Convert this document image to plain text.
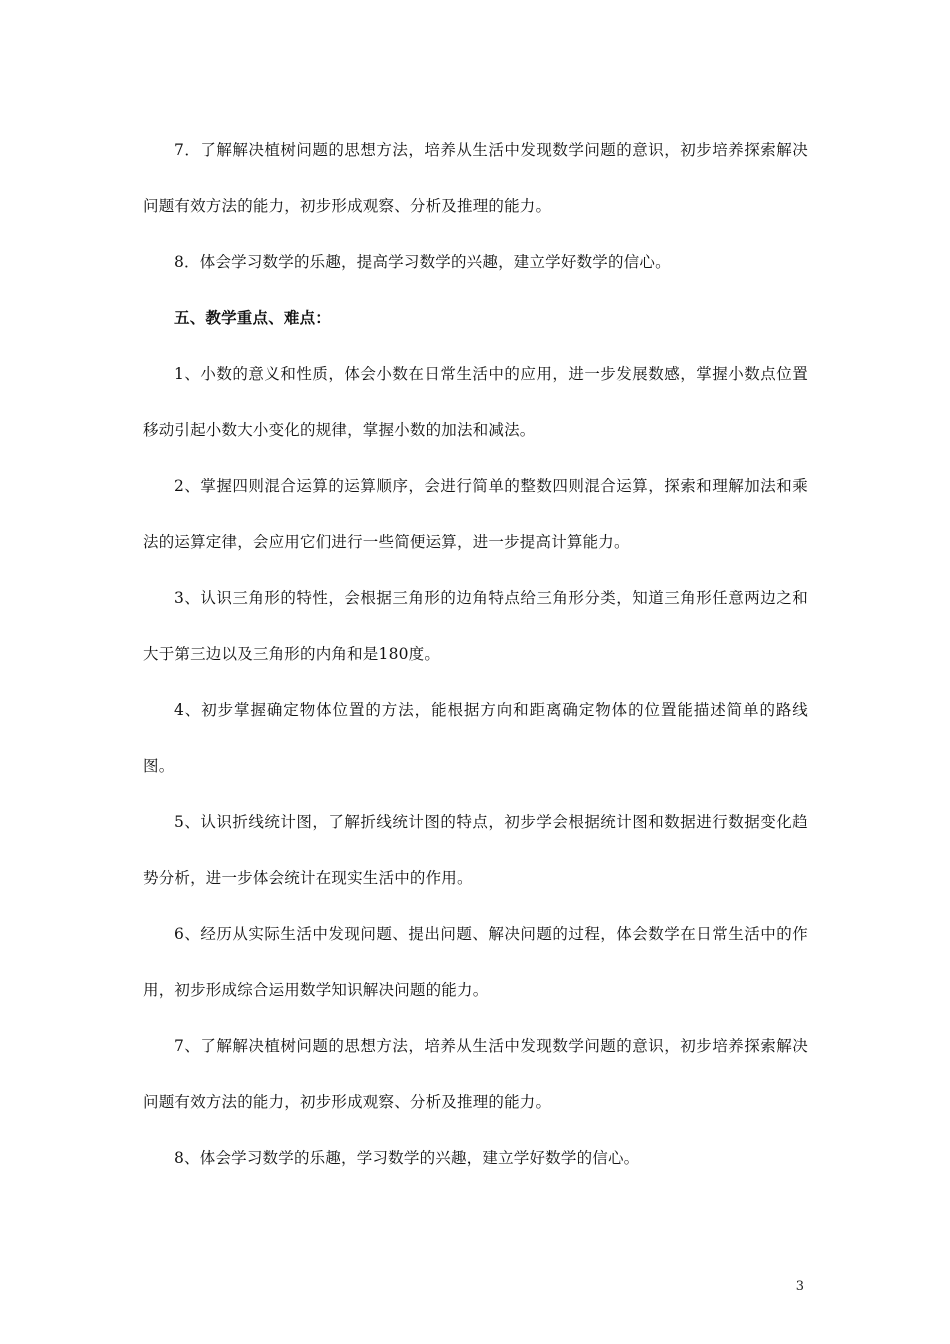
7．了解解决植树问题的思想方法，培养从生活中发现数学问题的意识，初步培养探索解决问题有效方法的能力，初步形成观察、分析及推理的能力。

8．体会学习数学的乐趣，提高学习数学的兴趣，建立学好数学的信心。

五、教学重点、难点：

1、小数的意义和性质，体会小数在日常生活中的应用，进一步发展数感，掌握小数点位置移动引起小数大小变化的规律，掌握小数的加法和减法。

2、掌握四则混合运算的运算顺序，会进行简单的整数四则混合运算，探索和理解加法和乘法的运算定律，会应用它们进行一些简便运算，进一步提高计算能力。

3、认识三角形的特性，会根据三角形的边角特点给三角形分类，知道三角形任意两边之和大于第三边以及三角形的内角和是180度。

4、初步掌握确定物体位置的方法，能根据方向和距离确定物体的位置能描述简单的路线图。

5、认识折线统计图，了解折线统计图的特点，初步学会根据统计图和数据进行数据变化趋势分析，进一步体会统计在现实生活中的作用。

6、经历从实际生活中发现问题、提出问题、解决问题的过程，体会数学在日常生活中的作用，初步形成综合运用数学知识解决问题的能力。

7、了解解决植树问题的思想方法，培养从生活中发现数学问题的意识，初步培养探索解决问题有效方法的能力，初步形成观察、分析及推理的能力。

8、体会学习数学的乐趣，学习数学的兴趣，建立学好数学的信心。

3
